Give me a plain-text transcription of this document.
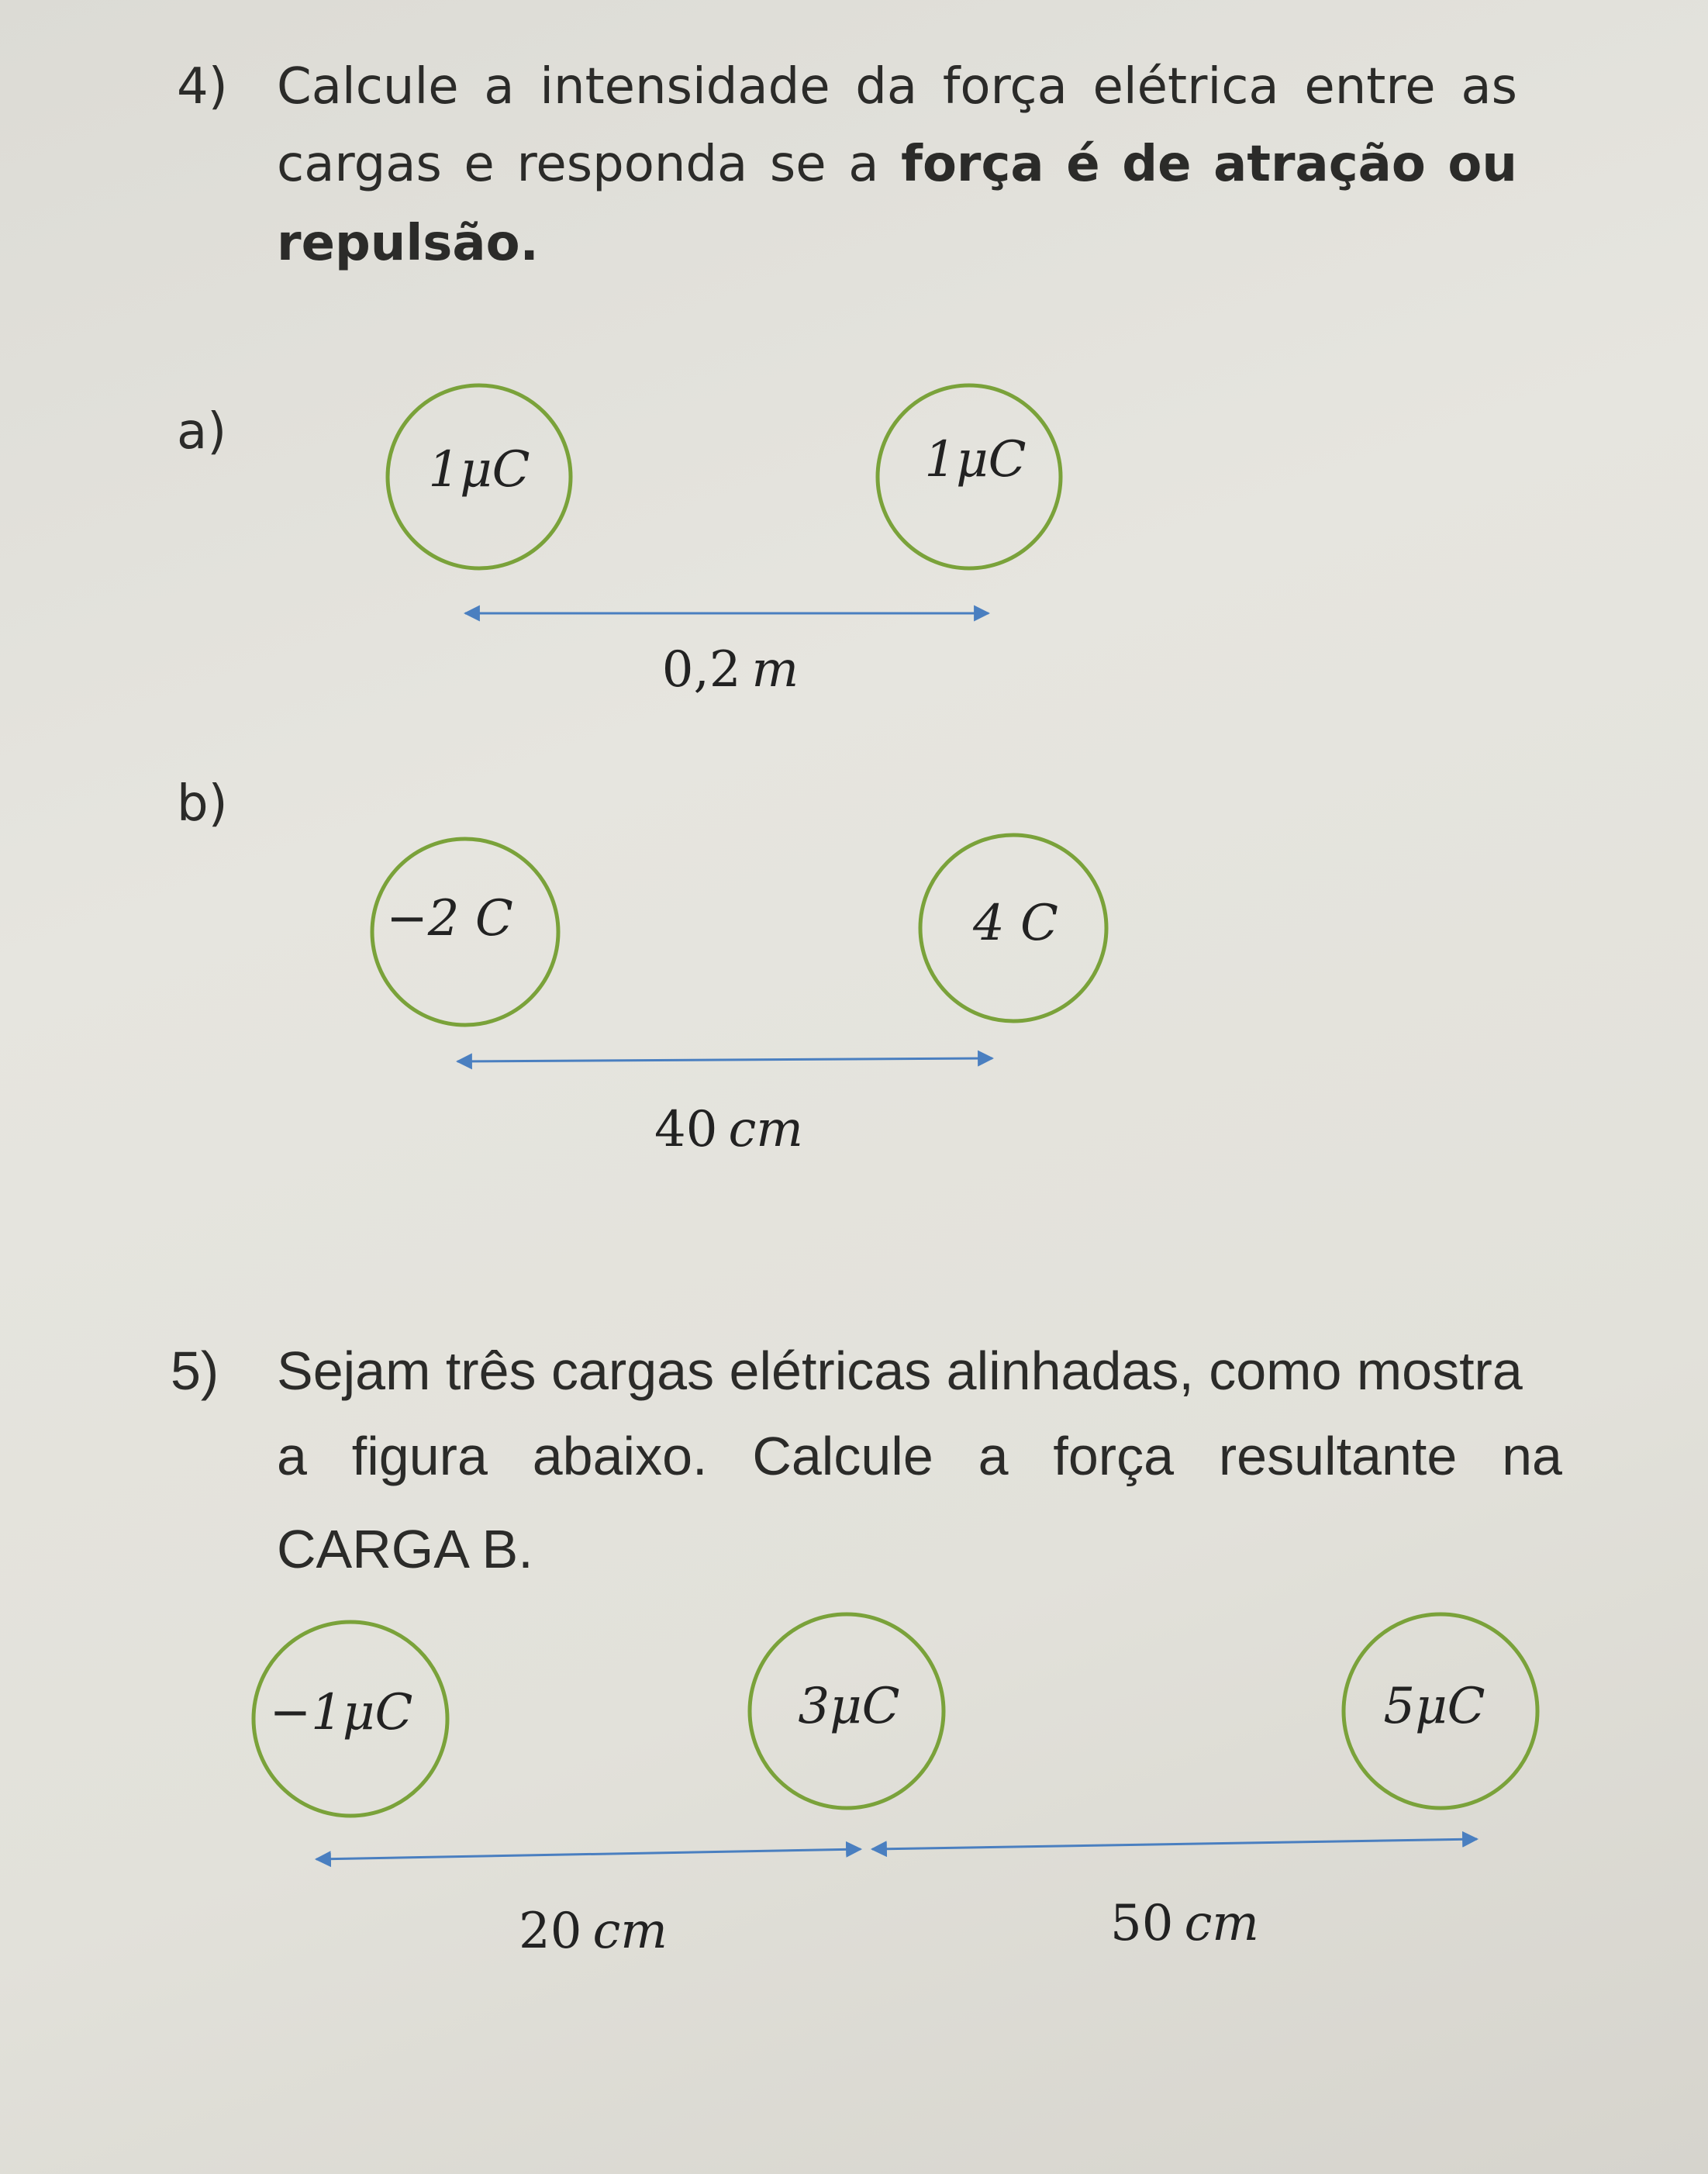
4) Calcule a intensidade da força elétrica entre as
cargas e responda se a força é de atração ou
repulsão.
a)
b)
5) Sejam três cargas elétricas alinhadas, como mostra
a figura abaixo. Calcule a força resultante na
CARGA B.
1μC	1μC
0,2 m
−2 C	4 C
40 cm
−1μC	3μC	5μC
20 cm	50 cm
